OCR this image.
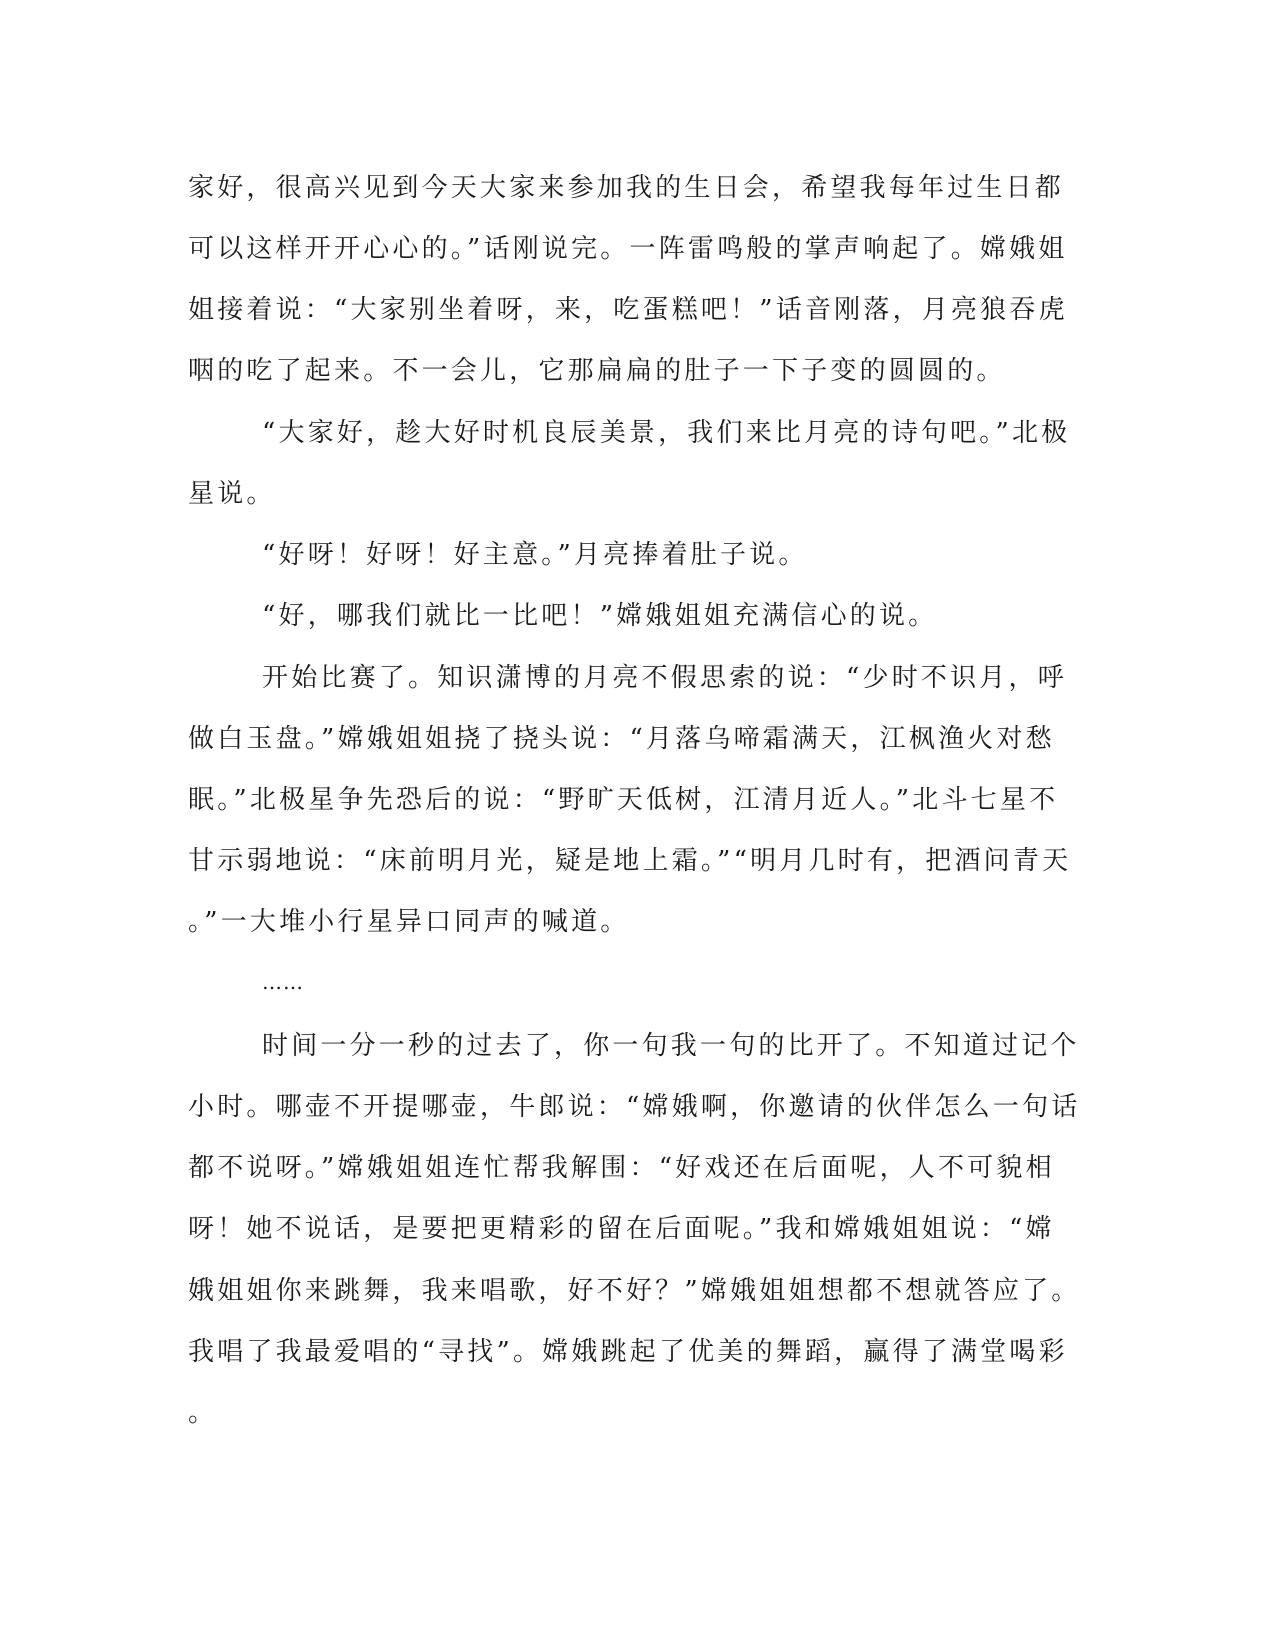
家好，很高兴见到今天大家来参加我的生日会，希望我每年过生日都
可以这样开开心心的。”话刚说完。一阵雷鸣般的掌声响起了。嫦娥姐
姐接着说：“大家别坐着呀，来，吃蛋糕吧！”话音刚落，月亮狼吞虎
咽的吃了起来。不一会儿，它那扁扁的肚子一下子变的圆圆的。
“大家好，趁大好时机良辰美景，我们来比月亮的诗句吧。”北极
星说。
“好呀！好呀！好主意。”月亮捧着肚子说。
“好，哪我们就比一比吧！”嫦娥姐姐充满信心的说。
开始比赛了。知识潇博的月亮不假思索的说：“少时不识月，呼
做白玉盘。”嫦娥姐姐挠了挠头说：“月落乌啼霜满天，江枫渔火对愁
眠。”北极星争先恐后的说：“野旷天低树，江清月近人。”北斗七星不
甘示弱地说：“床前明月光，疑是地上霜。”“明月几时有，把酒问青天
。”一大堆小行星异口同声的喊道。
……
时间一分一秒的过去了，你一句我一句的比开了。不知道过记个
小时。哪壶不开提哪壶，牛郎说：“嫦娥啊，你邀请的伙伴怎么一句话
都不说呀。”嫦娥姐姐连忙帮我解围：“好戏还在后面呢，人不可貌相
呀！她不说话，是要把更精彩的留在后面呢。”我和嫦娥姐姐说：“嫦
娥姐姐你来跳舞，我来唱歌，好不好？”嫦娥姐姐想都不想就答应了。
我唱了我最爱唱的“寻找”。嫦娥跳起了优美的舞蹈，赢得了满堂喝彩
。
